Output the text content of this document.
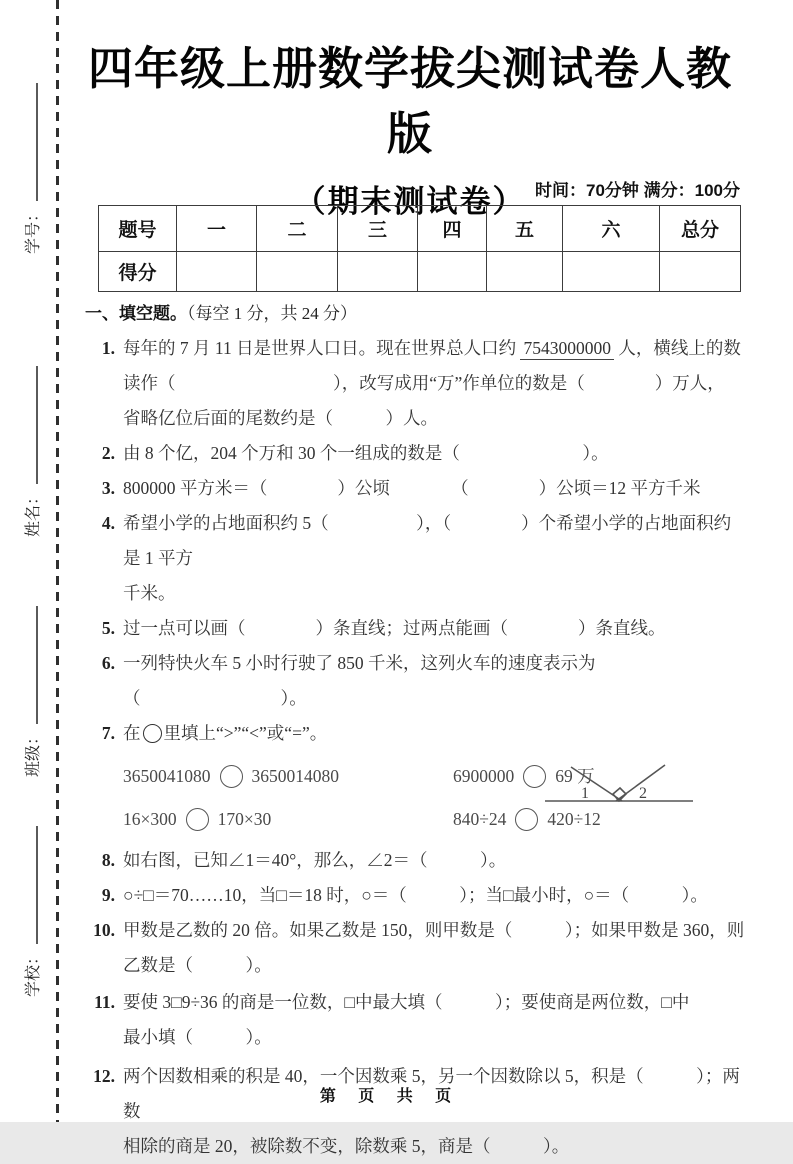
学号：
姓名：
班级：
学校：
四年级上册数学拔尖测试卷人教版
（期末测试卷） 时间：70分钟 满分：100分
题号	一	二	三	四	五	六	总分
得分							
一、填空题。（每空 1 分，共 24 分）
1. 每年的 7 月 11 日是世界人口日。现在世界总人口约 7543000000 人，横线上的数
读作（　　　　　　　　　），改写成用“万”作单位的数是（　　　　）万人，
省略亿位后面的尾数约是（　　　）人。
2. 由 8 个亿，204 个万和 30 个一组成的数是（　　　　　　　）。
3. 800000 平方米＝（　　　　）公顷　　　　（　　　　）公顷＝12 平方千米
4. 希望小学的占地面积约 5（　　　　　），（　　　　）个希望小学的占地面积约是 1 平方
千米。
5. 过一点可以画（　　　　）条直线；过两点能画（　　　　）条直线。
6. 一列特快火车 5 小时行驶了 850 千米，这列火车的速度表示为（　　　　　　　　）。
7. 在 里填上“>”“<”或“=”。
3650041080 3650014080	6900000 69 万
16×300 170×30	840÷24 420÷12
8. 如右图，已知∠1＝40°，那么，∠2＝（　　　）。
9. ○÷□＝70……10，当□＝18 时，○＝（　　　）；当□最小时，○＝（　　　）。
10. 甲数是乙数的 20 倍。如果乙数是 150，则甲数是（　　　）；如果甲数是 360，则
乙数是（　　　）。
11. 要使 3□9÷36 的商是一位数，□中最大填（　　　）；要使商是两位数，□中
最小填（　　　）。
12. 两个因数相乘的积是 40，一个因数乘 5，另一个因数除以 5，积是（　　　）；两数
相除的商是 20，被除数不变，除数乘 5，商是（　　　）。
1	2
第 页 共 页
